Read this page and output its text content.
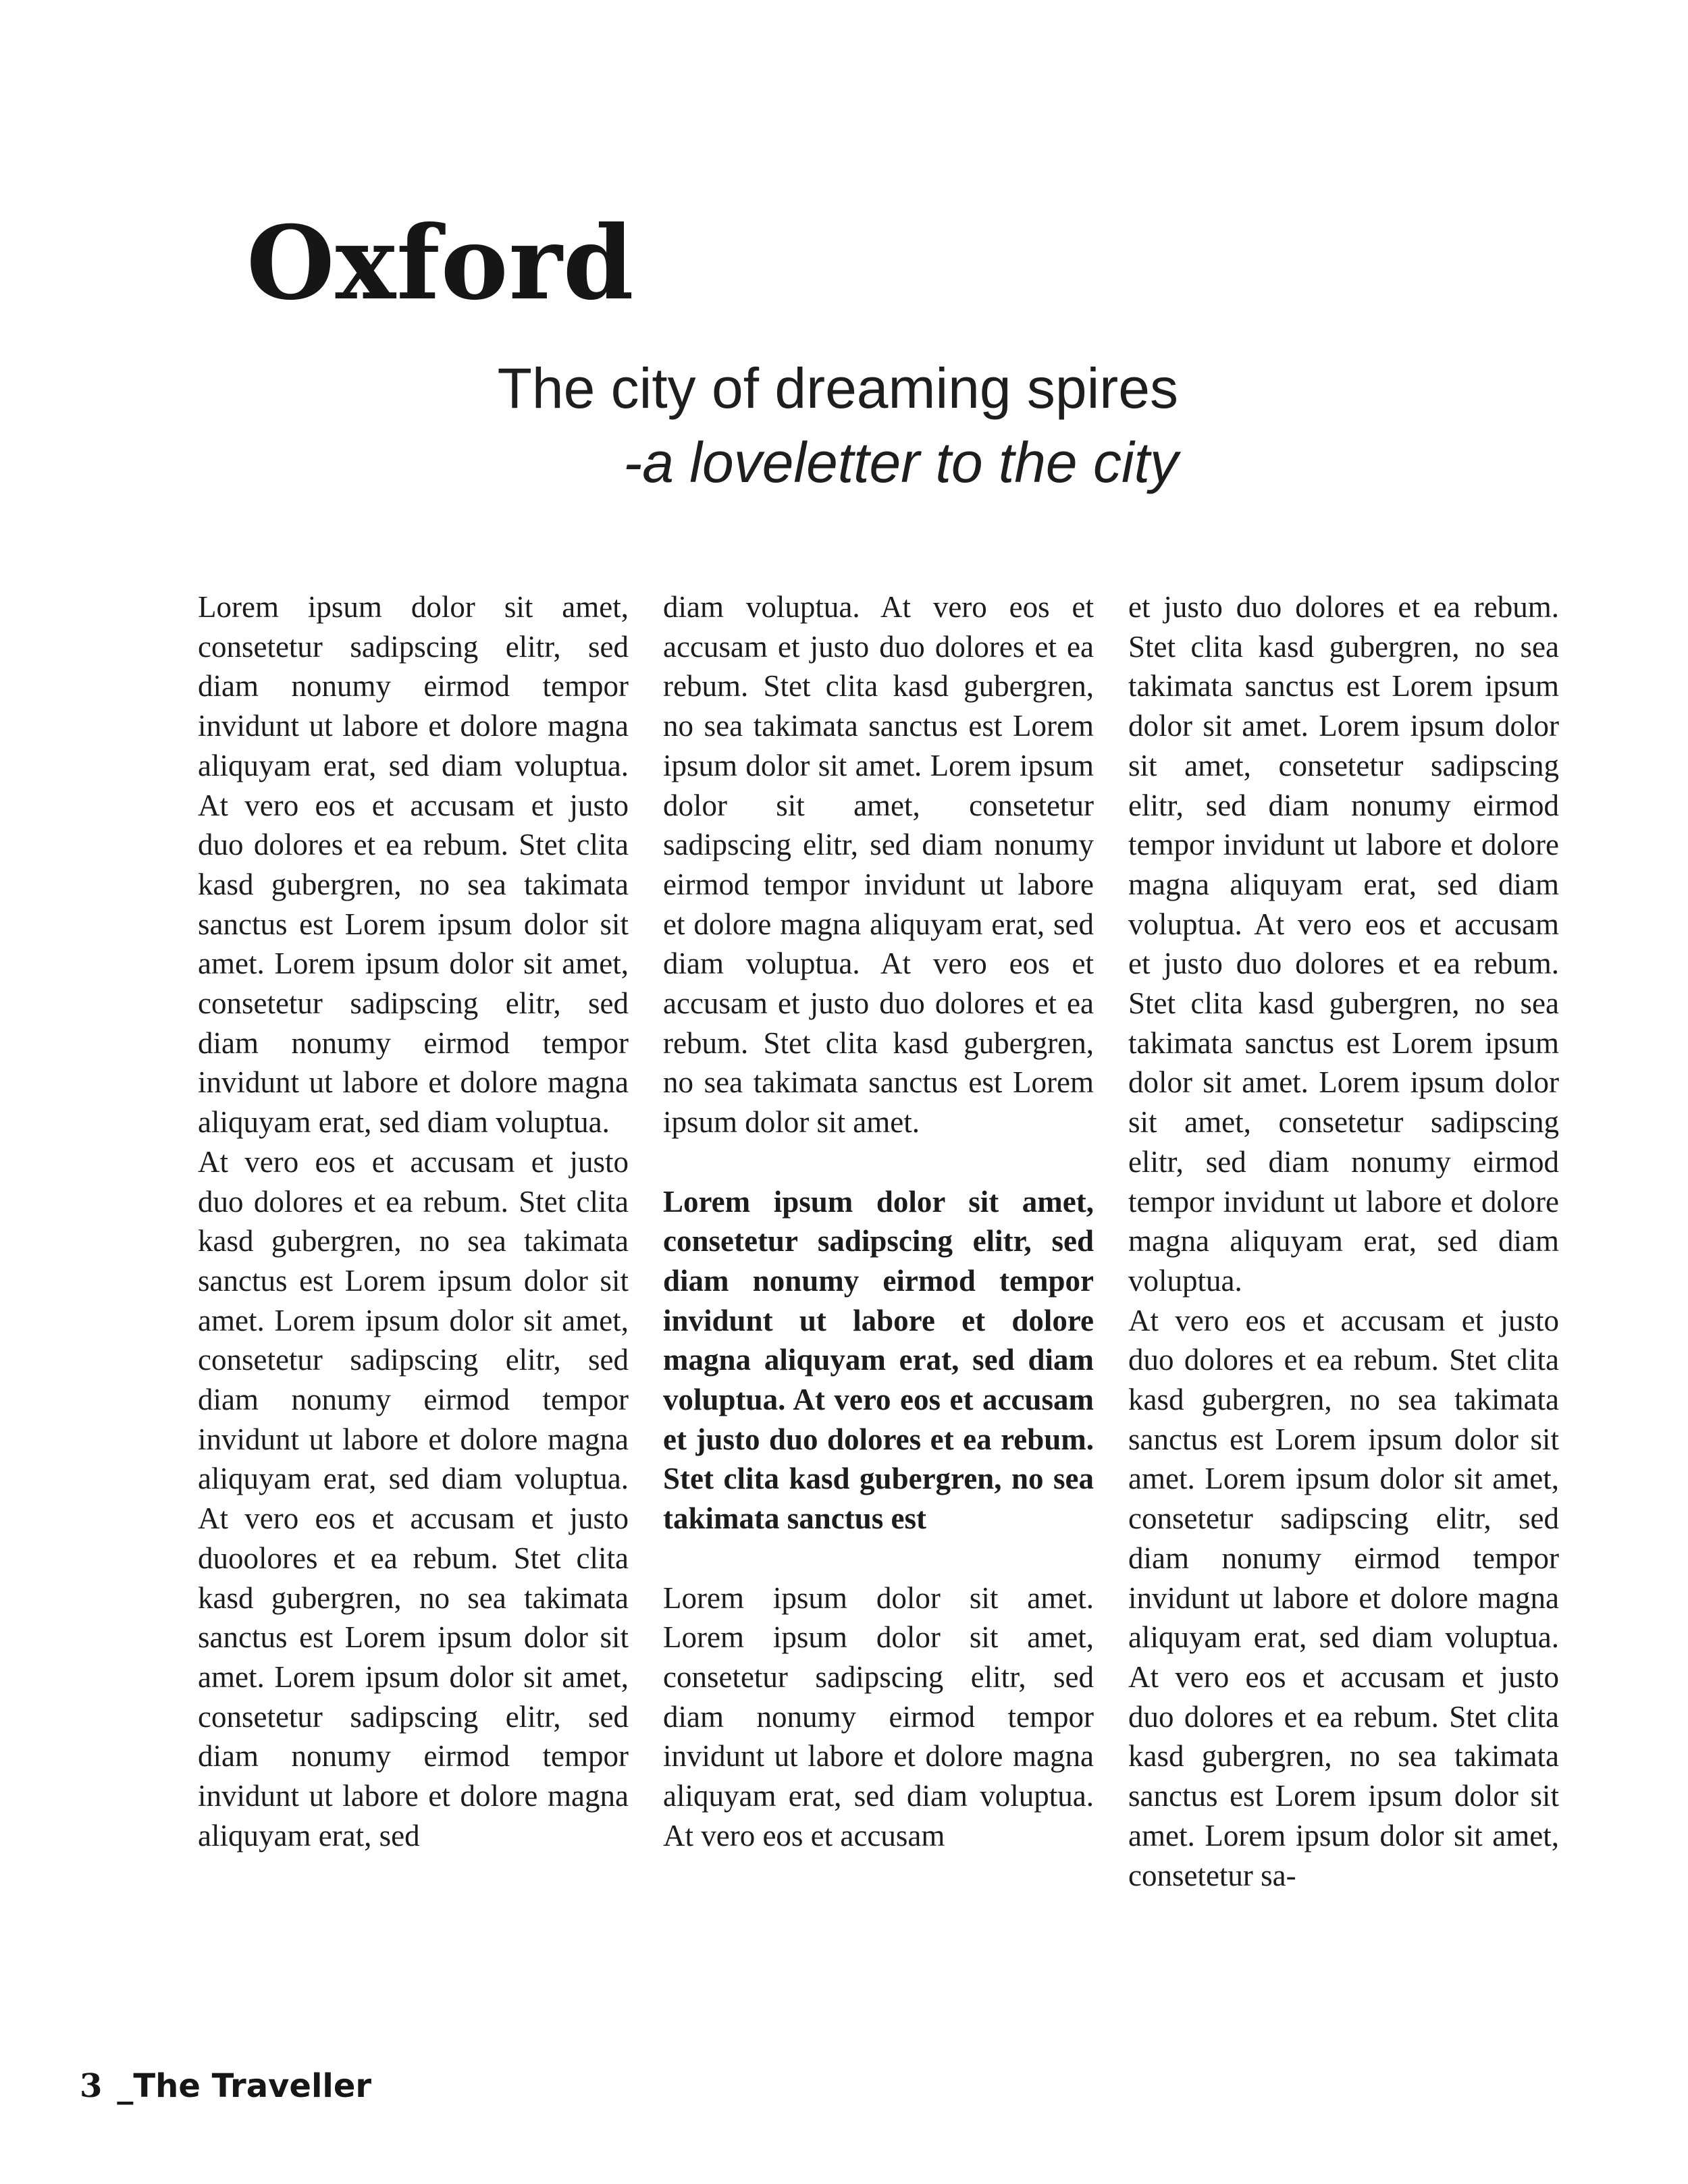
Oxford
The city of dreaming spires
-a loveletter to the city

Lorem ipsum dolor sit amet, consetetur sadipscing elitr, sed diam nonumy eirmod tempor invidunt ut labore et dolore magna aliquyam erat, sed diam voluptua. At vero eos et accusam et justo duo dolores et ea rebum. Stet clita kasd gubergren, no sea takimata sanctus est Lorem ipsum dolor sit amet. Lorem ipsum dolor sit amet, consetetur sadipscing elitr, sed diam nonumy eirmod tempor invidunt ut labore et dolore magna aliquyam erat, sed diam voluptua.

At vero eos et accusam et justo duo dolores et ea rebum. Stet clita kasd gubergren, no sea takimata sanctus est Lorem ipsum dolor sit amet. Lorem ipsum dolor sit amet, consetetur sadipscing elitr, sed diam nonumy eirmod tempor invidunt ut labore et dolore magna aliquyam erat, sed diam voluptua. At vero eos et accusam et justo duoolores et ea rebum. Stet clita kasd gubergren, no sea takimata sanctus est Lorem ipsum dolor sit amet. Lorem ipsum dolor sit amet, consetetur sadipscing elitr, sed diam nonumy eirmod tempor invidunt ut labore et dolore magna aliquyam erat, sed

diam voluptua. At vero eos et accusam et justo duo dolores et ea rebum. Stet clita kasd gubergren, no sea takimata sanctus est Lorem ipsum dolor sit amet. Lorem ipsum dolor sit amet, consetetur sadipscing elitr, sed diam nonumy eirmod tempor invidunt ut labore et dolore magna aliquyam erat, sed diam voluptua. At vero eos et accusam et justo duo dolores et ea rebum. Stet clita kasd gubergren, no sea takimata sanctus est Lorem ipsum dolor sit amet.

Lorem ipsum dolor sit amet, consetetur sadipscing elitr, sed diam nonumy eirmod tempor invidunt ut labore et dolore magna aliquyam erat, sed diam voluptua. At vero eos et accusam et justo duo dolores et ea rebum. Stet clita kasd gubergren, no sea takimata sanctus est

Lorem ipsum dolor sit amet. Lorem ipsum dolor sit amet, consetetur sadipscing elitr, sed diam nonumy eirmod tempor invidunt ut labore et dolore magna aliquyam erat, sed diam voluptua. At vero eos et accusam

et justo duo dolores et ea rebum. Stet clita kasd gubergren, no sea takimata sanctus est Lorem ipsum dolor sit amet. Lorem ipsum dolor sit amet, consetetur sadipscing elitr, sed diam nonumy eirmod tempor invidunt ut labore et dolore magna aliquyam erat, sed diam voluptua. At vero eos et accusam et justo duo dolores et ea rebum. Stet clita kasd gubergren, no sea takimata sanctus est Lorem ipsum dolor sit amet. Lorem ipsum dolor sit amet, consetetur sadipscing elitr, sed diam nonumy eirmod tempor invidunt ut labore et dolore magna aliquyam erat, sed diam voluptua.

At vero eos et accusam et justo duo dolores et ea rebum. Stet clita kasd gubergren, no sea takimata sanctus est Lorem ipsum dolor sit amet. Lorem ipsum dolor sit amet, consetetur sadipscing elitr, sed diam nonumy eirmod tempor invidunt ut labore et dolore magna aliquyam erat, sed diam voluptua. At vero eos et accusam et justo duo dolores et ea rebum. Stet clita kasd gubergren, no sea takimata sanctus est Lorem ipsum dolor sit amet. Lorem ipsum dolor sit amet, consetetur sa-

3 _The Traveller
